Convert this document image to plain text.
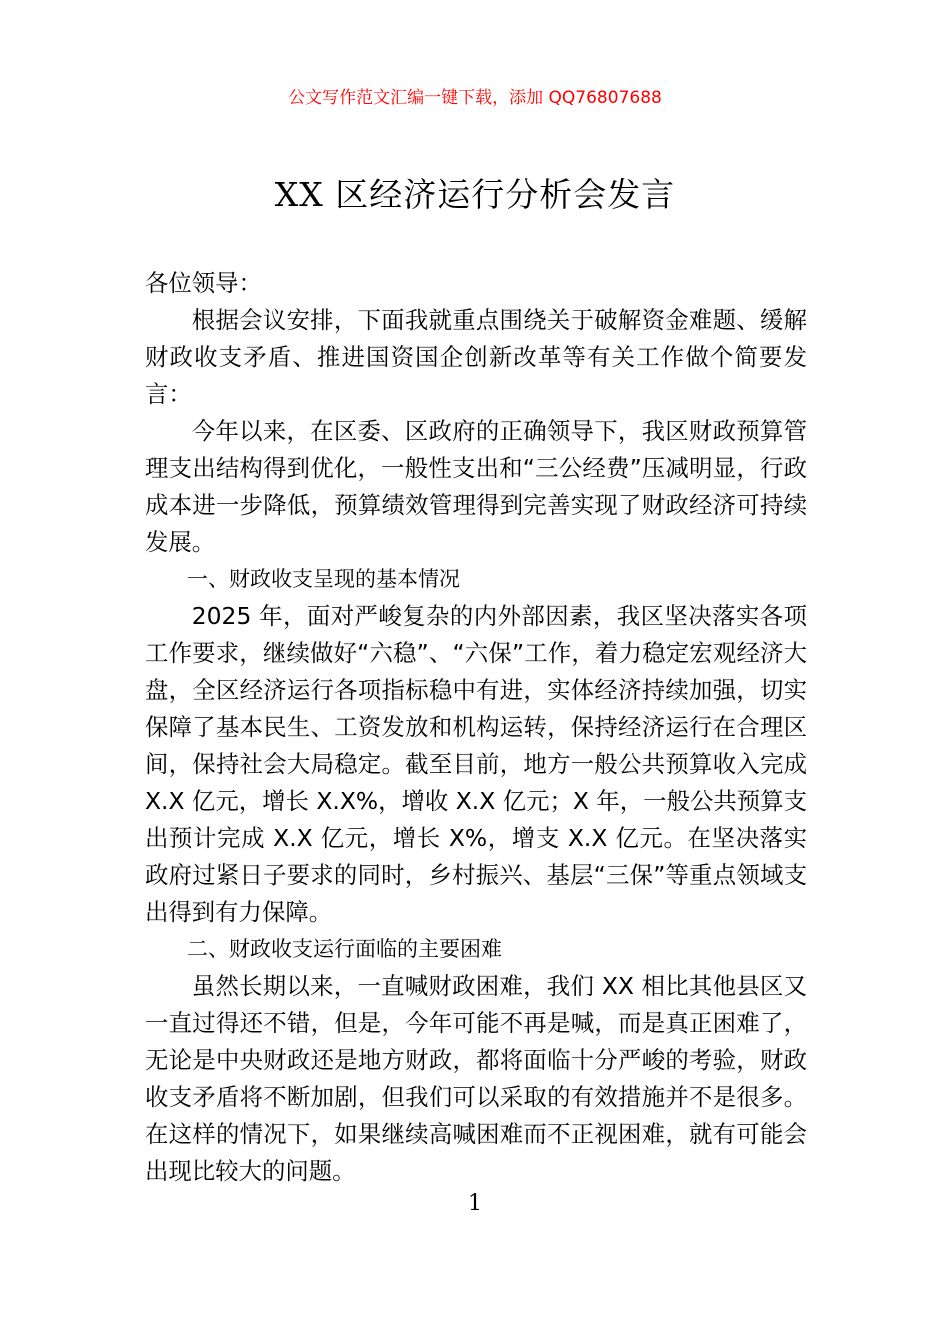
公文写作范文汇编一键下载，添加 QQ76807688
XX 区经济运行分析会发言

各位领导：

根据会议安排，下面我就重点围绕关于破解资金难题、缓解财政收支矛盾、推进国资国企创新改革等有关工作做个简要发言：

今年以来，在区委、区政府的正确领导下，我区财政预算管理支出结构得到优化，一般性支出和“三公经费”压减明显，行政成本进一步降低，预算绩效管理得到完善实现了财政经济可持续发展。

一、财政收支呈现的基本情况

2025 年，面对严峻复杂的内外部因素，我区坚决落实各项工作要求，继续做好“六稳”、“六保”工作，着力稳定宏观经济大盘，全区经济运行各项指标稳中有进，实体经济持续加强，切实保障了基本民生、工资发放和机构运转，保持经济运行在合理区间，保持社会大局稳定。截至目前，地方一般公共预算收入完成 X.X 亿元，增长 X.X%，增收 X.X 亿元；X 年，一般公共预算支出预计完成 X.X 亿元，增长 X%，增支 X.X 亿元。在坚决落实政府过紧日子要求的同时，乡村振兴、基层“三保”等重点领域支出得到有力保障。

二、财政收支运行面临的主要困难

虽然长期以来，一直喊财政困难，我们 XX 相比其他县区又一直过得还不错，但是，今年可能不再是喊，而是真正困难了，无论是中央财政还是地方财政，都将面临十分严峻的考验，财政收支矛盾将不断加剧，但我们可以采取的有效措施并不是很多。在这样的情况下，如果继续高喊困难而不正视困难，就有可能会出现比较大的问题。

1
